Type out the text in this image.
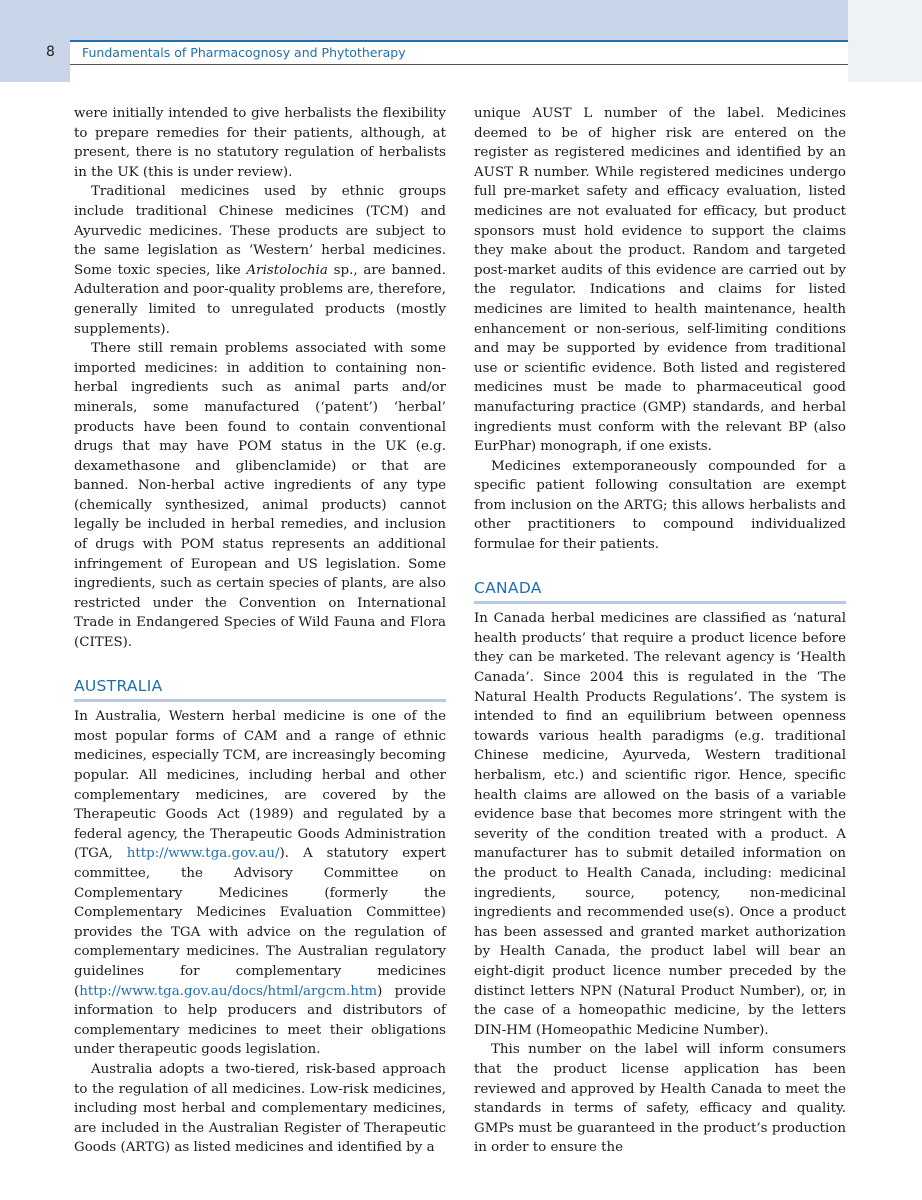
8 Fundamentals of Pharmacognosy and Phytotherapy

were initially intended to give herbalists the flexibility to prepare remedies for their patients, although, at present, there is no statutory regulation of herbalists in the UK (this is under review).

Traditional medicines used by ethnic groups include traditional Chinese medicines (TCM) and Ayurvedic medicines. These products are subject to the same legislation as ‘Western’ herbal medicines. Some toxic species, like Aristolochia sp., are banned. Adulteration and poor-quality problems are, therefore, generally limited to unregulated products (mostly supplements).

There still remain problems associated with some imported medicines: in addition to containing non-herbal ingredients such as animal parts and/or minerals, some manufactured (‘patent’) ‘herbal’ products have been found to contain conventional drugs that may have POM status in the UK (e.g. dexamethasone and glibenclamide) or that are banned. Non-herbal active ingredients of any type (chemically synthesized, animal products) cannot legally be included in herbal remedies, and inclusion of drugs with POM status represents an additional infringement of European and US legislation. Some ingredients, such as certain species of plants, are also restricted under the Convention on International Trade in Endangered Species of Wild Fauna and Flora (CITES).

AUSTRALIA

In Australia, Western herbal medicine is one of the most popular forms of CAM and a range of ethnic medicines, especially TCM, are increasingly becoming popular. All medicines, including herbal and other complementary medicines, are covered by the Therapeutic Goods Act (1989) and regulated by a federal agency, the Therapeutic Goods Administration (TGA, http://www.tga.gov.au/). A statutory expert committee, the Advisory Committee on Complementary Medicines (formerly the Complementary Medicines Evaluation Committee) provides the TGA with advice on the regulation of complementary medicines. The Australian regulatory guidelines for complementary medicines (http://www.tga.gov.au/docs/html/argcm.htm) provide information to help producers and distributors of complementary medicines to meet their obligations under therapeutic goods legislation.

Australia adopts a two-tiered, risk-based approach to the regulation of all medicines. Low-risk medicines, including most herbal and complementary medicines, are included in the Australian Register of Therapeutic Goods (ARTG) as listed medicines and identified by a

unique AUST L number of the label. Medicines deemed to be of higher risk are entered on the register as registered medicines and identified by an AUST R number. While registered medicines undergo full pre-market safety and efficacy evaluation, listed medicines are not evaluated for efficacy, but product sponsors must hold evidence to support the claims they make about the product. Random and targeted post-market audits of this evidence are carried out by the regulator. Indications and claims for listed medicines are limited to health maintenance, health enhancement or non-serious, self-limiting conditions and may be supported by evidence from traditional use or scientific evidence. Both listed and registered medicines must be made to pharmaceutical good manufacturing practice (GMP) standards, and herbal ingredients must conform with the relevant BP (also EurPhar) monograph, if one exists.

Medicines extemporaneously compounded for a specific patient following consultation are exempt from inclusion on the ARTG; this allows herbalists and other practitioners to compound individualized formulae for their patients.

CANADA

In Canada herbal medicines are classified as ‘natural health products’ that require a product licence before they can be marketed. The relevant agency is ‘Health Canada’. Since 2004 this is regulated in the ‘The Natural Health Products Regulations’. The system is intended to find an equilibrium between openness towards various health paradigms (e.g. traditional Chinese medicine, Ayurveda, Western traditional herbalism, etc.) and scientific rigor. Hence, specific health claims are allowed on the basis of a variable evidence base that becomes more stringent with the severity of the condition treated with a product. A manufacturer has to submit detailed information on the product to Health Canada, including: medicinal ingredients, source, potency, non-medicinal ingredients and recommended use(s). Once a product has been assessed and granted market authorization by Health Canada, the product label will bear an eight-digit product licence number preceded by the distinct letters NPN (Natural Product Number), or, in the case of a homeopathic medicine, by the letters DIN-HM (Homeopathic Medicine Number).

This number on the label will inform consumers that the product license application has been reviewed and approved by Health Canada to meet the standards in terms of safety, efficacy and quality. GMPs must be guaranteed in the product’s production in order to ensure the
